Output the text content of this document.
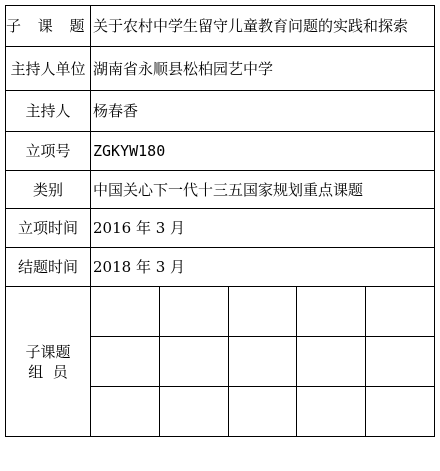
子 课 题	关于农村中学生留守儿童教育问题的实践和探索
主持人单位	湖南省永顺县松柏园艺中学
主持人	杨春香
立项号	ZGKYW180
类别	中国关心下一代十三五国家规划重点课题
立项时间	2016 年 3 月
结题时间	2018 年 3 月
子课题
组  员	
